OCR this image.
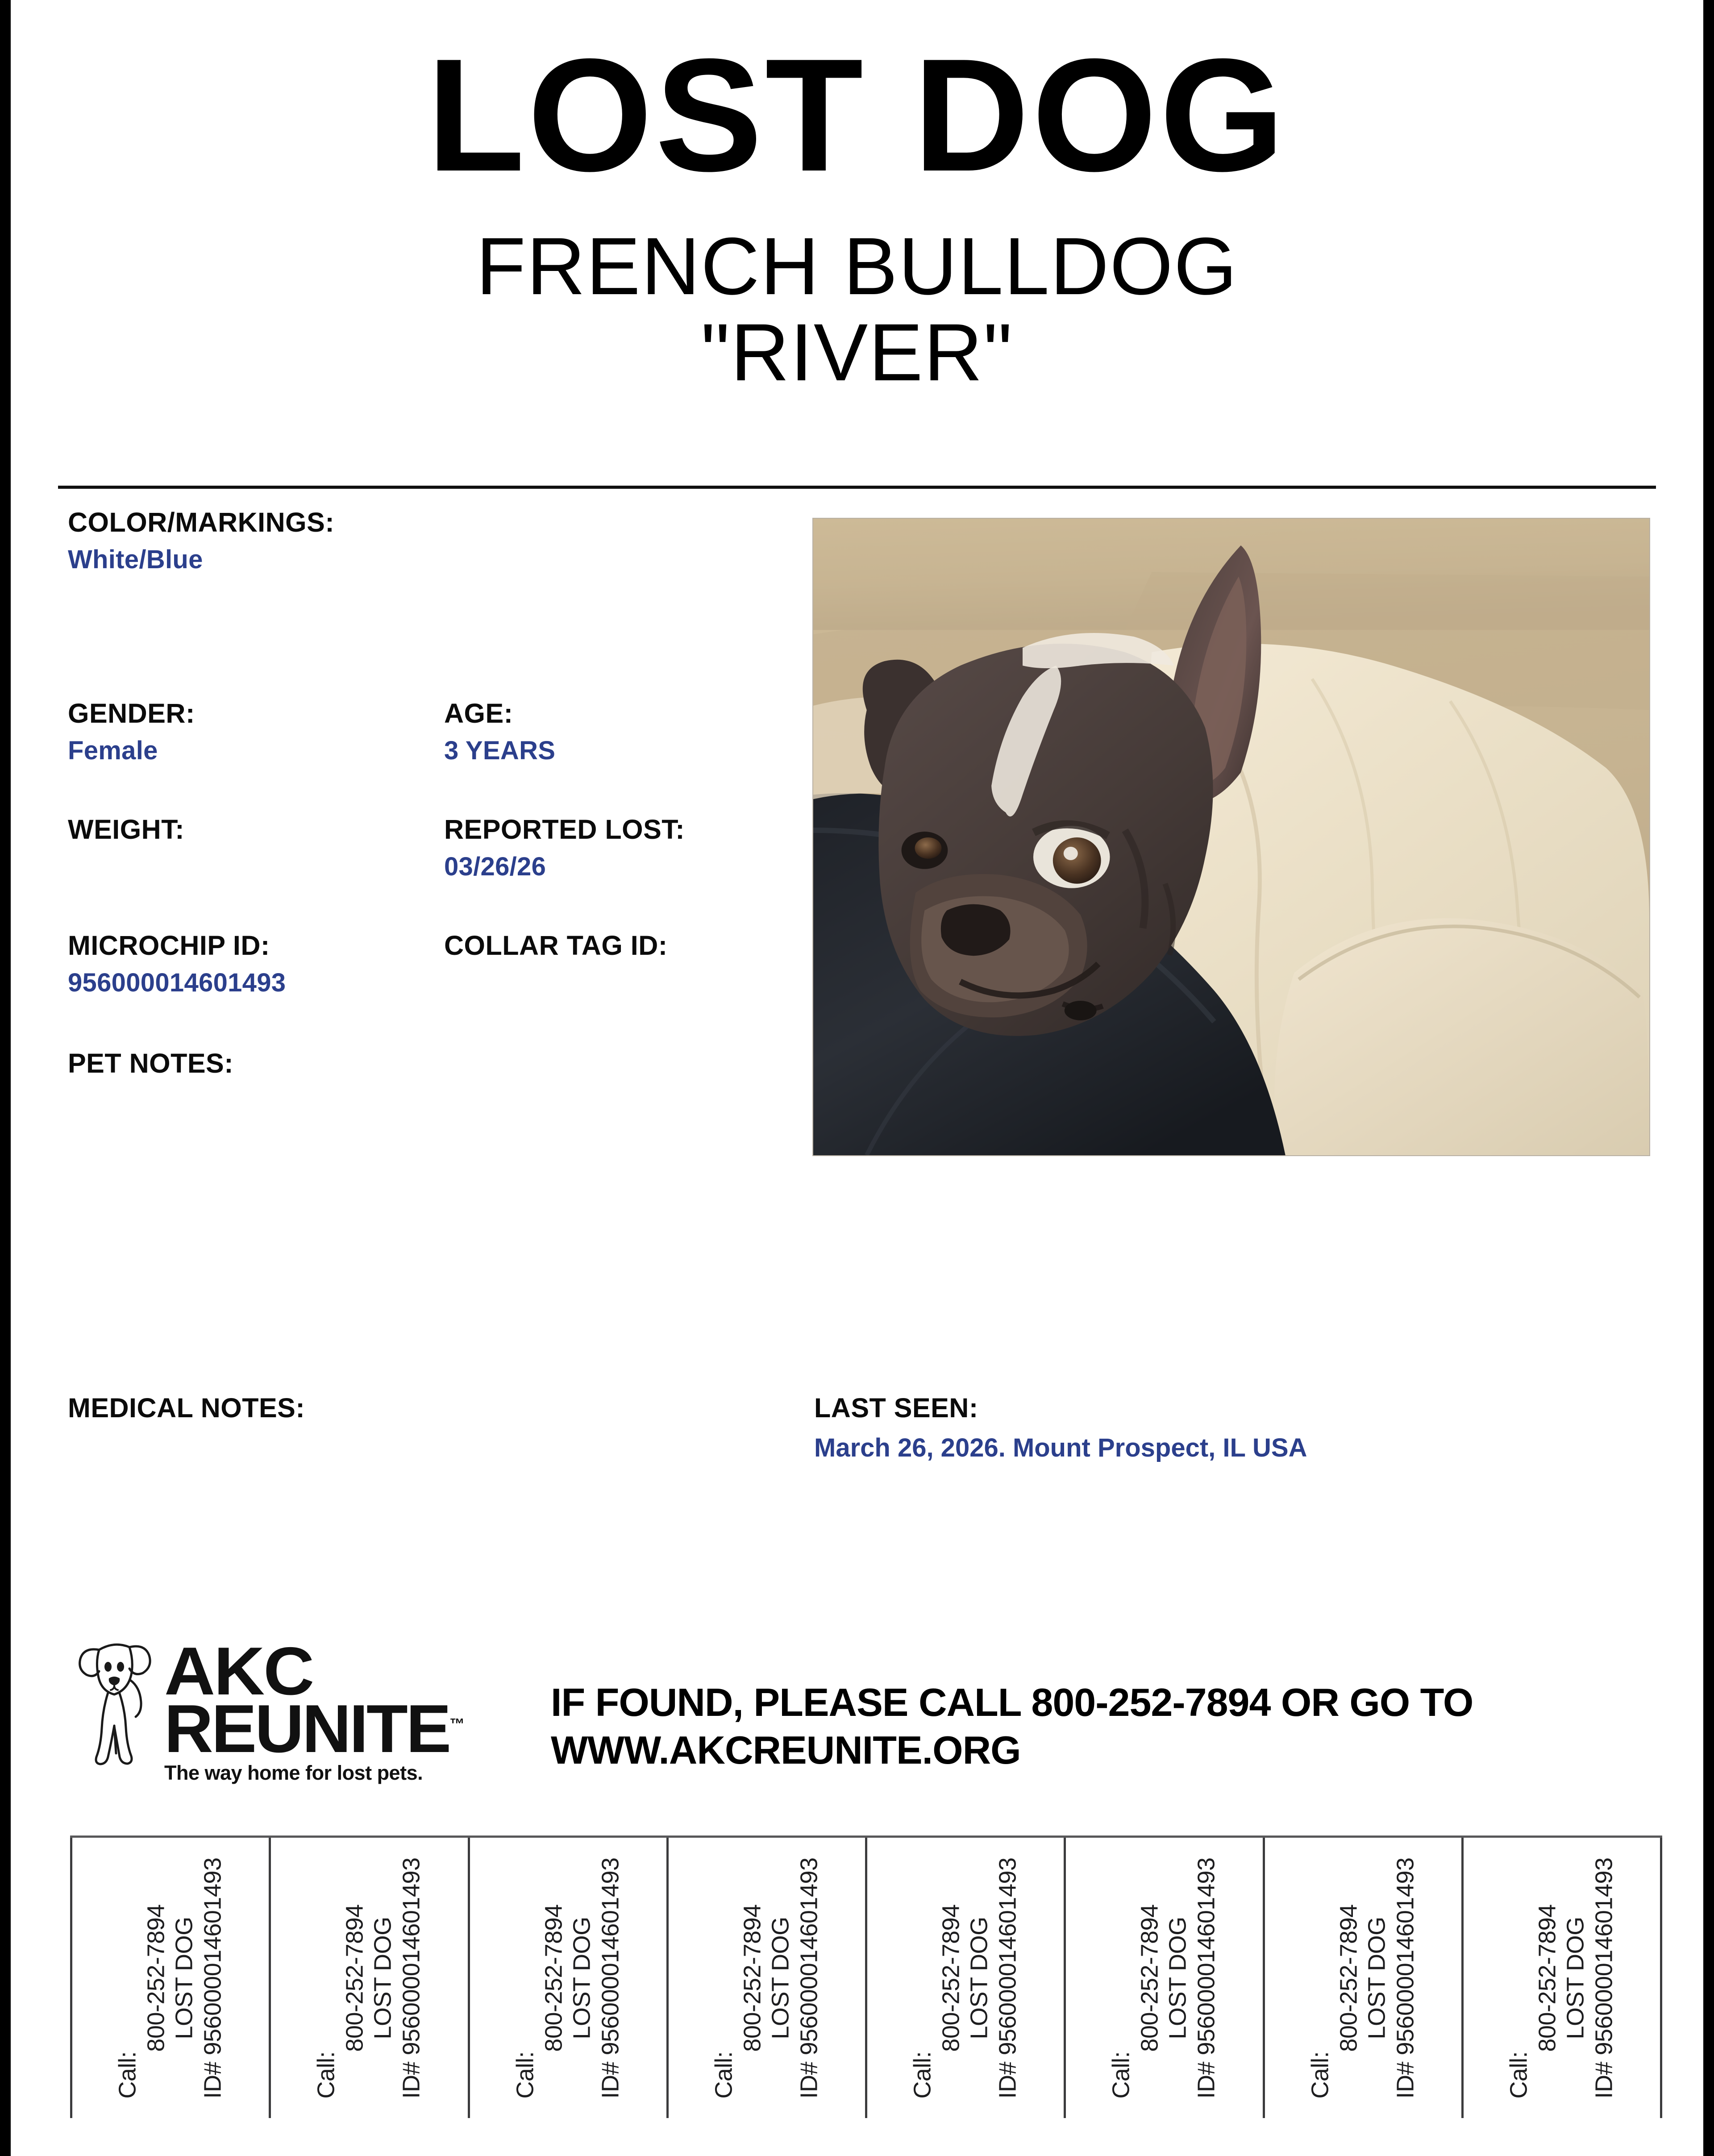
LOST DOG
FRENCH BULLDOG
"RIVER"
COLOR/MARKINGS:
White/Blue
GENDER:
Female
AGE:
3 YEARS
WEIGHT:	REPORTED LOST:
03/26/26
MICROCHIP ID:
956000014601493
COLLAR TAG ID:
PET NOTES:
MEDICAL NOTES:	LAST SEEN:
March 26, 2026. Mount Prospect, IL USA
AKC
REUNITE™
The way home for lost pets.
IF FOUND, PLEASE CALL 800-252-7894 OR GO TO
WWW.AKCREUNITE.ORG
Call:
800-252-7894 LOST DOG ID# 956000014601493	Call:
800-252-7894 LOST DOG ID# 956000014601493	Call:
800-252-7894 LOST DOG ID# 956000014601493	Call:
800-252-7894 LOST DOG ID# 956000014601493	Call:
800-252-7894 LOST DOG ID# 956000014601493	Call:
800-252-7894 LOST DOG ID# 956000014601493	Call:
800-252-7894 LOST DOG ID# 956000014601493	Call:
800-252-7894 LOST DOG ID# 956000014601493
